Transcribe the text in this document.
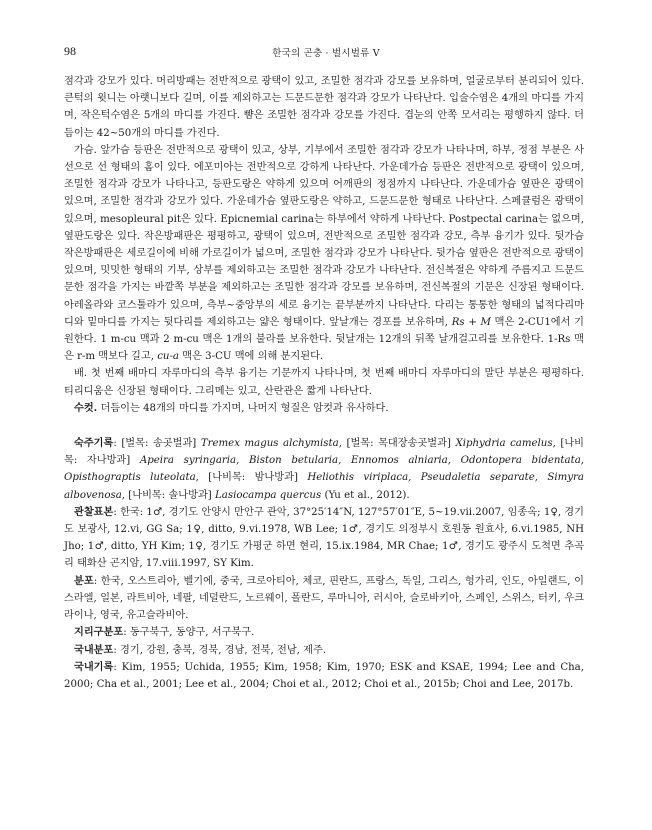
98	한국의 곤충 · 벌시벌류 V

점각과 강모가 있다. 머리방패는 전반적으로 광택이 있고, 조밀한 점각과 강모를 보유하며, 얼굴로부터 분리되어 있다. 큰턱의 윗니는 아랫니보다 길며, 이를 제외하고는 드문드문한 점각과 강모가 나타난다. 입술수염은 4개의 마디를 가지며, 작은턱수염은 5개의 마디를 가진다. 뺨은 조밀한 점각과 강모를 가진다. 겹눈의 안쪽 모서리는 평행하지 않다. 더듬이는 42~50개의 마디를 가진다.

가슴. 앞가슴 등판은 전반적으로 광택이 있고, 상부, 기부에서 조밀한 점각과 강모가 나타나며, 하부, 정점 부분은 사선으로 선 형태의 홈이 있다. 에포미아는 전반적으로 강하게 나타난다. 가운데가슴 등판은 전반적으로 광택이 있으며, 조밀한 점각과 강모가 나타나고, 등판도랑은 약하게 있으며 어깨판의 정점까지 나타난다. 가운데가슴 옆판은 광택이 있으며, 조밀한 점각과 강모가 있다. 가운데가슴 옆판도랑은 약하고, 드문드문한 형태로 나타난다. 스페큘럼은 광택이 있으며, mesopleural pit은 있다. Epicnemial carina는 하부에서 약하게 나타난다. Postpectal carina는 없으며, 옆판도랑은 있다. 작은방패판은 평평하고, 광택이 있으며, 전반적으로 조밀한 점각과 강모, 측부 융기가 있다. 뒷가슴작은방패판은 세로길이에 비해 가로길이가 넓으며, 조밀한 점각과 강모가 나타난다. 뒷가슴 옆판은 전반적으로 광택이 있으며, 밋밋한 형태의 기부, 상부를 제외하고는 조밀한 점각과 강모가 나타난다. 전신복절은 약하게 주름지고 드문드문한 점각을 가지는 바깥쪽 부분을 제외하고는 조밀한 점각과 강모를 보유하며, 전신복절의 기문은 신장된 형태이다. 아레올라와 코스툴라가 있으며, 측부~중앙부의 세로 융기는 끝부분까지 나타난다. 다리는 통통한 형태의 넓적다리마디와 밑마디를 가지는 뒷다리를 제외하고는 얇은 형태이다. 앞날개는 경포를 보유하며, Rs + M 맥은 2-CU1에서 기원한다. 1 m-cu 맥과 2 m-cu 맥은 1개의 불라를 보유한다. 뒷날개는 12개의 뒤쪽 날개걸고리를 보유한다. 1-Rs 맥은 r-m 맥보다 길고, cu-a 맥은 3-CU 맥에 의해 분지된다.

배. 첫 번째 배마디 자루마디의 측부 융기는 기문까지 나타나며, 첫 번째 배마디 자루마디의 말단 부분은 평평하다. 티리디움은 신장된 형태이다. 그리메는 있고, 산란관은 짧게 나타난다.

수컷. 더듬이는 48개의 마디를 가지며, 나머지 형질은 암컷과 유사하다.

숙주기록: [벌목: 송곳벌과] Tremex magus alchymista, [벌목: 목대장송곳벌과] Xiphydria camelus, [나비목: 자나방과] Apeira syringaria, Biston betularia, Ennomos alniaria, Odontopera bidentata, Opisthograptis luteolata, [나비목: 밤나방과] Heliothis viriplaca, Pseudaletia separate, Simyra albovenosa, [나비목: 솔나방과] Lasiocampa quercus (Yu et al., 2012).

관찰표본: 한국: 1♂, 경기도 안양시 만안구 관악, 37°25′14″N, 127°57′01″E, 5~19.vii.2007, 임종옥; 1♀, 경기도 보광사, 12.vi, GG Sa; 1♀, ditto, 9.vi.1978, WB Lee; 1♂, 경기도 의정부시 호원동 원효사, 6.vi.1985, NH Jho; 1♂, ditto, YH Kim; 1♀, 경기도 가평군 하면 현리, 15.ix.1984, MR Chae; 1♂, 경기도 광주시 도척면 추곡리 태화산 곤지암, 17.viii.1997, SY Kim.

분포: 한국, 오스트리아, 벨기에, 중국, 크로아티아, 체코, 핀란드, 프랑스, 독일, 그리스, 헝가리, 인도, 아일랜드, 이스라엘, 일본, 라트비아, 네팔, 네덜란드, 노르웨이, 폴란드, 루마니아, 러시아, 슬로바키아, 스페인, 스위스, 터키, 우크라이나, 영국, 유고슬라비아.

지리구분포: 동구북구, 동양구, 서구북구.

국내분포: 경기, 강원, 충북, 경북, 경남, 전북, 전남, 제주.

국내기록: Kim, 1955; Uchida, 1955; Kim, 1958; Kim, 1970; ESK and KSAE, 1994; Lee and Cha, 2000; Cha et al., 2001; Lee et al., 2004; Choi et al., 2012; Choi et al., 2015b; Choi and Lee, 2017b.
